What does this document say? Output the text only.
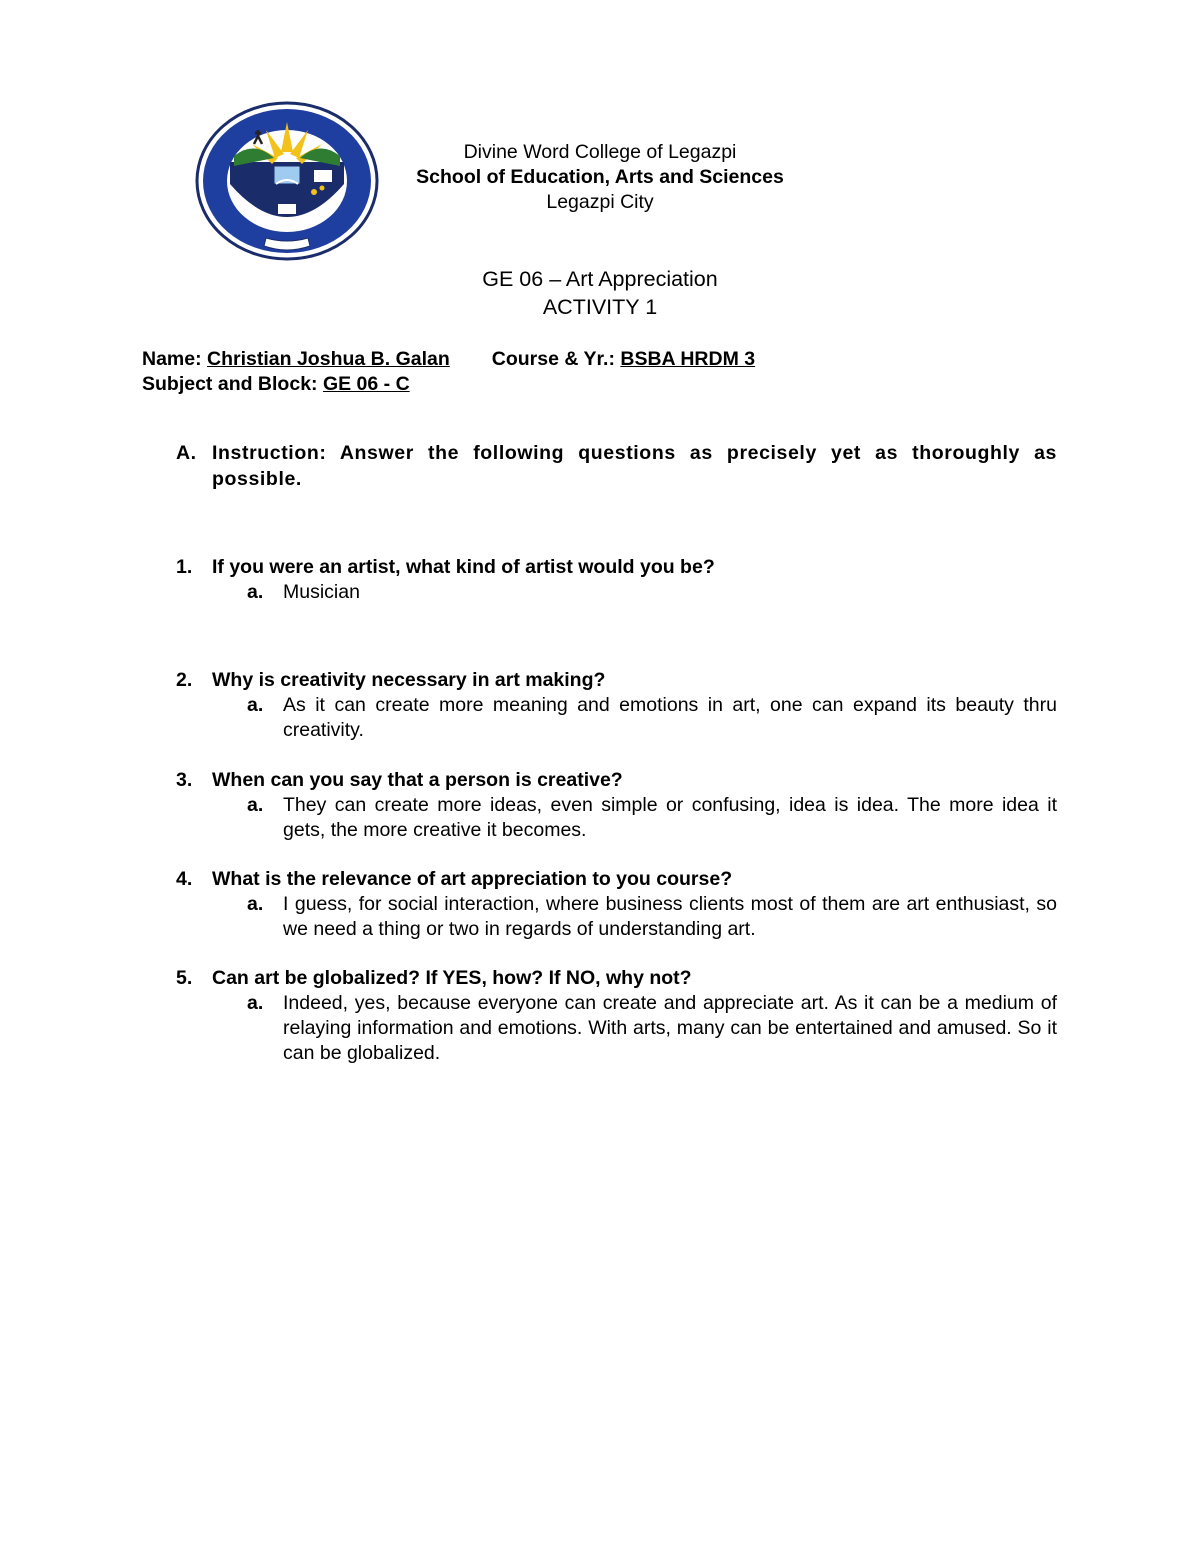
Divine Word College of Legazpi
School of Education, Arts and Sciences
Legazpi City
GE 06 – Art Appreciation
ACTIVITY 1
Name: Christian Joshua B. Galan Course & Yr.: BSBA HRDM 3
Subject and Block: GE 06 - C
A. Instruction: Answer the following questions as precisely yet as thoroughly as possible.
1. If you were an artist, what kind of artist would you be?
a. Musician
2. Why is creativity necessary in art making?
a. As it can create more meaning and emotions in art, one can expand its beauty thru creativity.
3. When can you say that a person is creative?
a. They can create more ideas, even simple or confusing, idea is idea. The more idea it gets, the more creative it becomes.
4. What is the relevance of art appreciation to you course?
a. I guess, for social interaction, where business clients most of them are art enthusiast, so we need a thing or two in regards of understanding art.
5. Can art be globalized? If YES, how? If NO, why not?
a. Indeed, yes, because everyone can create and appreciate art. As it can be a medium of relaying information and emotions. With arts, many can be entertained and amused. So it can be globalized.
